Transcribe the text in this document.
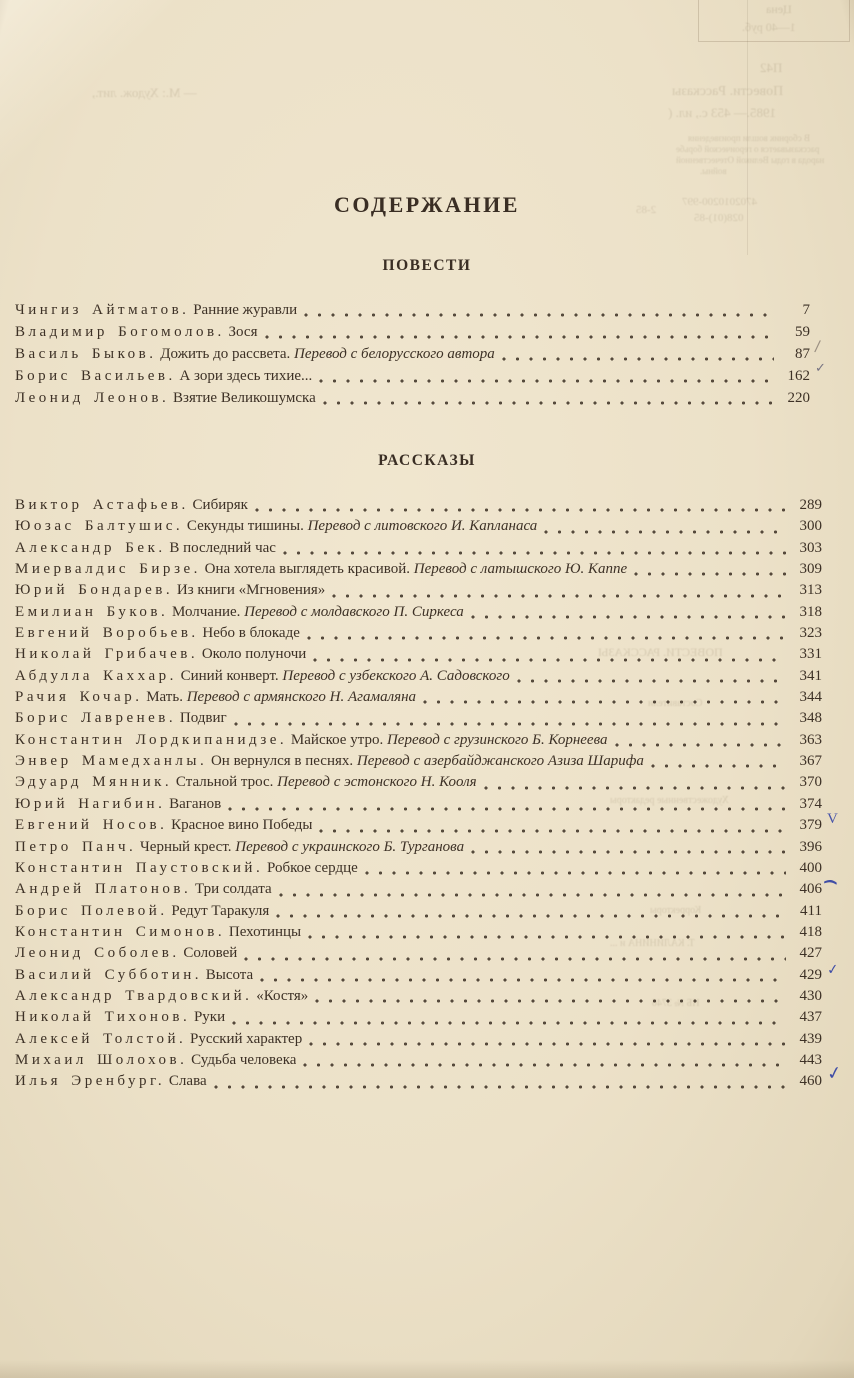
Цена
1—40 руб.
П42
Повести. Рассказы
1985.— 453 с., ил. (
В сборник вошли произведения
рассказывается о героической борьбе
народа в годы Великой Отечественной
войны.
4702010200-997
028(01)-85
2-85
— М.: Худож. лит.,
ПОВЕСТИ. РАССКАЗЫ
Художественные редакторы
Корректоры
Т. КАЛИНИНА и ...
НБ № 3746
СОДЕРЖАНИЕ
ПОВЕСТИ
Чингиз Айтматов. Ранние журавли	7
Владимир Богомолов. Зося	59
Василь Быков. Дожить до рассвета. Перевод с белорусского автора	87 /
Борис Васильев. А зори здесь тихие...	162 ✓
Леонид Леонов. Взятие Великошумска	220
РАССКАЗЫ
Виктор Астафьев. Сибиряк	289
Юозас Балтушис. Секунды тишины. Перевод с литовского И. Капланаса	300
Александр Бек. В последний час	303
Миервалдис Бирзе. Она хотела выглядеть красивой. Перевод с латышского Ю. Каппе	309
Юрий Бондарев. Из книги «Мгновения»	313
Емилиан Буков. Молчание. Перевод с молдавского П. Сиркеса	318
Евгений Воробьев. Небо в блокаде	323
Николай Грибачев. Около полуночи	331
Абдулла Каххар. Синий конверт. Перевод с узбекского А. Садовского	341
Рачия Кочар. Мать. Перевод с армянского Н. Агамаляна	344
Борис Лавренев. Подвиг	348
Константин Лордкипанидзе. Майское утро. Перевод с грузинского Б. Корнеева	363
Энвер Мамедханлы. Он вернулся в песнях. Перевод с азербайджанского Азиза Шарифа	367
Эдуард Мянник. Стальной трос. Перевод с эстонского Н. Кооля	370
Юрий Нагибин. Ваганов	374
Евгений Носов. Красное вино Победы	379 V
Петро Панч. Черный крест. Перевод с украинского Б. Турганова	396
Константин Паустовский. Робкое сердце	400
Андрей Платонов. Три солдата	406 (
Борис Полевой. Редут Таракуля	411
Константин Симонов. Пехотинцы	418
Леонид Соболев. Соловей	427
Василий Субботин. Высота	429 ✓
Александр Твардовский. «Костя»	430
Николай Тихонов. Руки	437
Алексей Толстой. Русский характер	439
Михаил Шолохов. Судьба человека	443
Илья Эренбург. Слава	460 ✓
